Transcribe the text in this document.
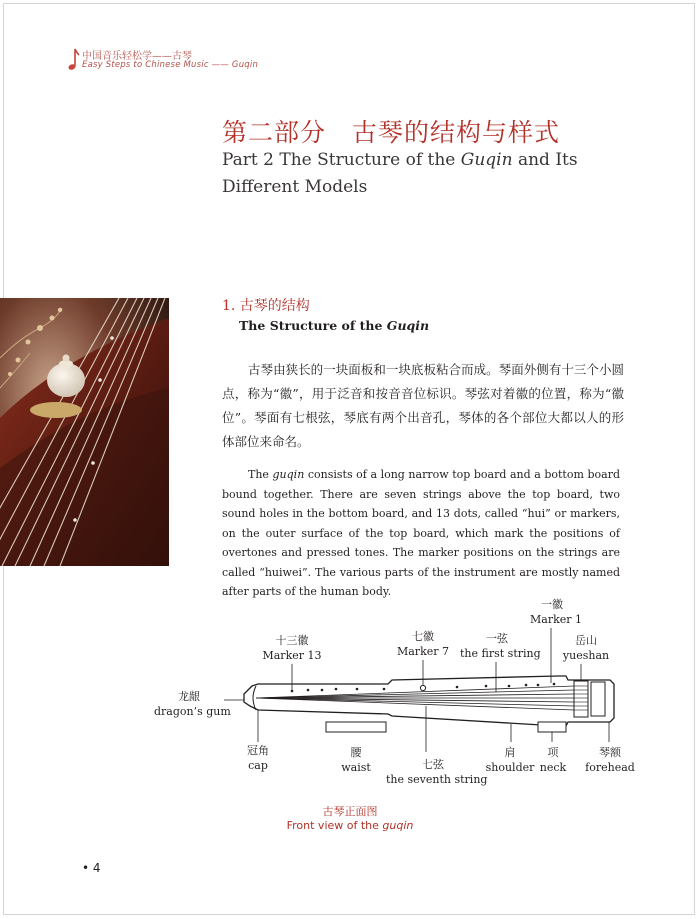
中国音乐轻松学——古琴
Easy Steps to Chinese Music —— Guqin
第二部分　古琴的结构与样式
Part 2 The Structure of the Guqin and Its Different Models
1. 古琴的结构
The Structure of the Guqin
古琴由狭长的一块面板和一块底板粘合而成。琴面外侧有十三个小圆点，称为“徽”，用于泛音和按音音位标识。琴弦对着徽的位置，称为“徽位”。琴面有七根弦，琴底有两个出音孔，琴体的各个部位大都以人的形体部位来命名。
The guqin consists of a long narrow top board and a bottom board bound together. There are seven strings above the top board, two sound holes in the bottom board, and 13 dots, called “hui” or markers, on the outer surface of the top board, which mark the positions of overtones and pressed tones. The marker positions on the strings are called “huiwei”. The various parts of the instrument are mostly named after parts of the human body.
一徽
Marker 1
十三徽
Marker 13
七徽
Marker 7
一弦
the first string
岳山
yueshan
龙龈
dragon’s gum
冠角
cap
腰
waist	七弦
the seventh string
肩
shoulder
项
neck
琴额
forehead
古琴正面图
Front view of the guqin
• 4
